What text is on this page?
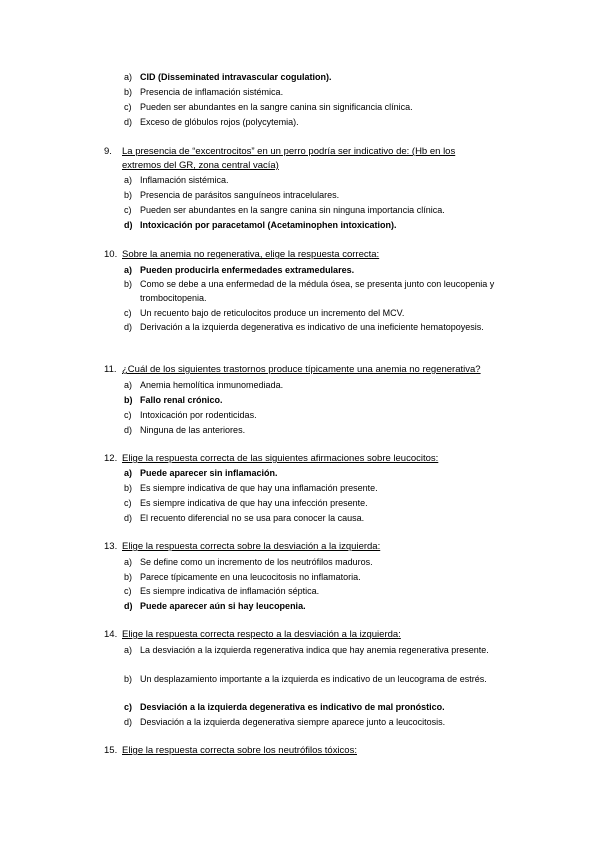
a) CID (Disseminated intravascular cogulation).
b) Presencia de inflamación sistémica.
c) Pueden ser abundantes en la sangre canina sin significancia clínica.
d) Exceso de glóbulos rojos (polycytemia).
9. La presencia de “excentrocitos” en un perro podría ser indicativo de: (Hb en los extremos del GR, zona central vacía)
a) Inflamación sistémica.
b) Presencia de parásitos sanguíneos intracelulares.
c) Pueden ser abundantes en la sangre canina sin ninguna importancia clínica.
d) Intoxicación por paracetamol (Acetaminophen intoxication).
10. Sobre la anemia no regenerativa, elige la respuesta correcta:
a) Pueden producirla enfermedades extramedulares.
b) Como se debe a una enfermedad de la médula ósea, se presenta junto con leucopenia y trombocitopenia.
c) Un recuento bajo de reticulocitos produce un incremento del MCV.
d) Derivación a la izquierda degenerativa es indicativo de una ineficiente hematopoyesis.
11. ¿Cuál de los siguientes trastornos produce típicamente una anemia no regenerativa?
a) Anemia hemolítica inmunomediada.
b) Fallo renal crónico.
c) Intoxicación por rodenticidas.
d) Ninguna de las anteriores.
12. Elige la respuesta correcta de las siguientes afirmaciones sobre leucocitos:
a) Puede aparecer sin inflamación.
b) Es siempre indicativa de que hay una inflamación presente.
c) Es siempre indicativa de que hay una infección presente.
d) El recuento diferencial no se usa para conocer la causa.
13. Elige la respuesta correcta sobre la desviación a la izquierda:
a) Se define como un incremento de los neutrófilos maduros.
b) Parece típicamente en una leucocitosis no inflamatoria.
c) Es siempre indicativa de inflamación séptica.
d) Puede aparecer aún si hay leucopenia.
14. Elige la respuesta correcta respecto a la desviación a la izquierda:
a) La desviación a la izquierda regenerativa indica que hay anemia regenerativa presente.
b) Un desplazamiento importante a la izquierda es indicativo de un leucograma de estrés.
c) Desviación a la izquierda degenerativa es indicativo de mal pronóstico.
d) Desviación a la izquierda degenerativa siempre aparece junto a leucocitosis.
15. Elige la respuesta correcta sobre los neutrófilos tóxicos:
